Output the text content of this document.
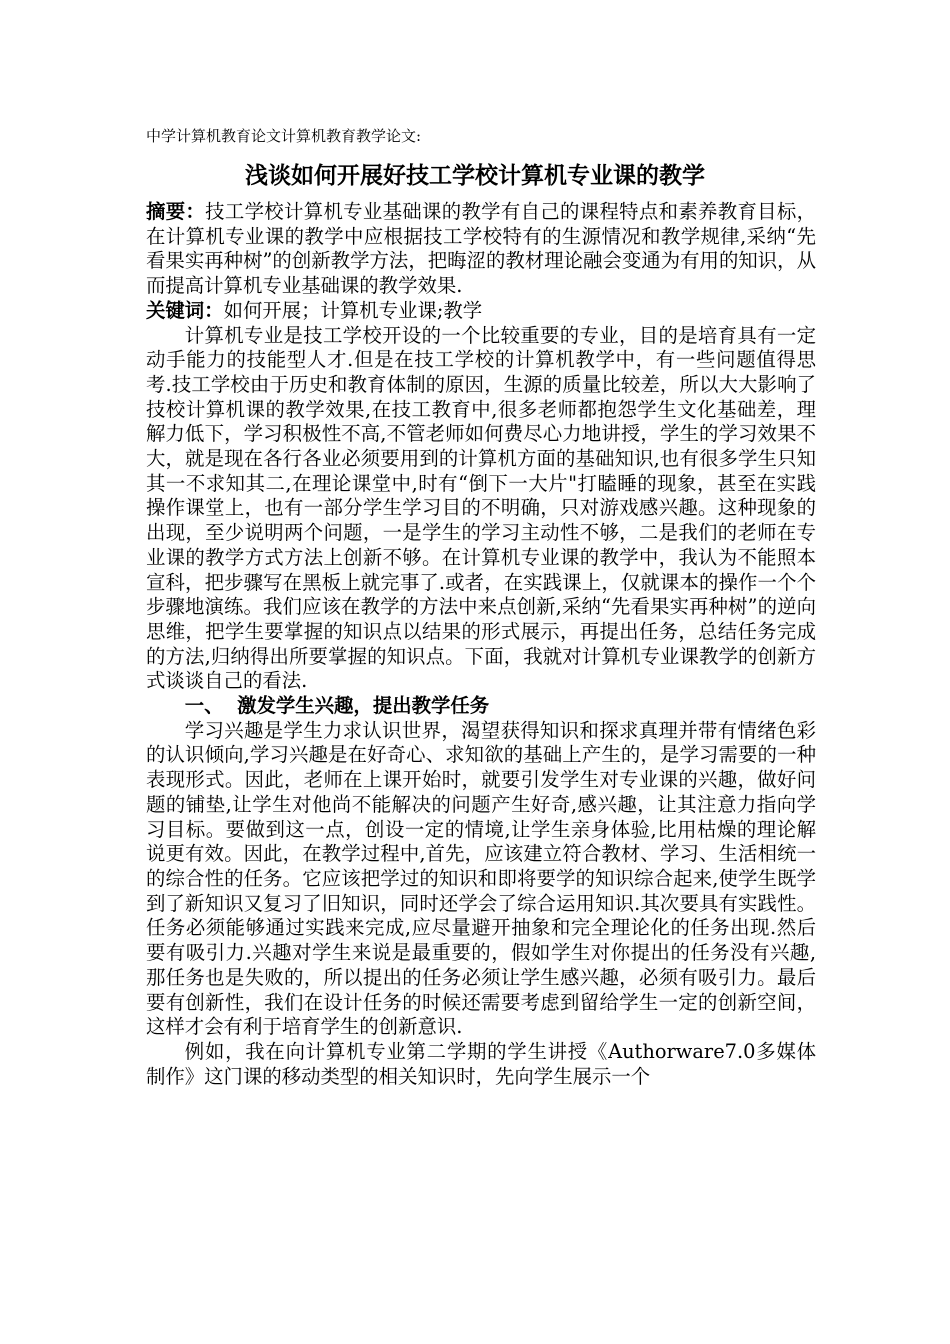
中学计算机教育论文计算机教育教学论文:
浅谈如何开展好技工学校计算机专业课的教学

摘要：技工学校计算机专业基础课的教学有自己的课程特点和素养教育目标，在计算机专业课的教学中应根据技工学校特有的生源情况和教学规律,采纳“先看果实再种树”的创新教学方法，把晦涩的教材理论融会变通为有用的知识，从而提高计算机专业基础课的教学效果.

关键词：如何开展；计算机专业课;教学

计算机专业是技工学校开设的一个比较重要的专业，目的是培育具有一定动手能力的技能型人才.但是在技工学校的计算机教学中，有一些问题值得思考.技工学校由于历史和教育体制的原因，生源的质量比较差，所以大大影响了技校计算机课的教学效果,在技工教育中,很多老师都抱怨学生文化基础差，理解力低下，学习积极性不高,不管老师如何费尽心力地讲授，学生的学习效果不大，就是现在各行各业必须要用到的计算机方面的基础知识,也有很多学生只知其一不求知其二,在理论课堂中,时有“倒下一大片"打瞌睡的现象，甚至在实践操作课堂上，也有一部分学生学习目的不明确，只对游戏感兴趣。这种现象的出现，至少说明两个问题，一是学生的学习主动性不够，二是我们的老师在专业课的教学方式方法上创新不够。在计算机专业课的教学中，我认为不能照本宣科，把步骤写在黑板上就完事了.或者，在实践课上，仅就课本的操作一个个步骤地演练。我们应该在教学的方法中来点创新,采纳“先看果实再种树”的逆向思维，把学生要掌握的知识点以结果的形式展示，再提出任务，总结任务完成的方法,归纳得出所要掌握的知识点。下面，我就对计算机专业课教学的创新方式谈谈自己的看法.

一、  激发学生兴趣，提出教学任务

学习兴趣是学生力求认识世界，渴望获得知识和探求真理并带有情绪色彩的认识倾向,学习兴趣是在好奇心、求知欲的基础上产生的，是学习需要的一种表现形式。因此，老师在上课开始时，就要引发学生对专业课的兴趣，做好问题的铺垫,让学生对他尚不能解决的问题产生好奇,感兴趣，让其注意力指向学习目标。要做到这一点，创设一定的情境,让学生亲身体验,比用枯燥的理论解说更有效。因此，在教学过程中,首先，应该建立符合教材、学习、生活相统一的综合性的任务。它应该把学过的知识和即将要学的知识综合起来,使学生既学到了新知识又复习了旧知识，同时还学会了综合运用知识.其次要具有实践性。任务必须能够通过实践来完成,应尽量避开抽象和完全理论化的任务出现.然后要有吸引力.兴趣对学生来说是最重要的，假如学生对你提出的任务没有兴趣,那任务也是失败的，所以提出的任务必须让学生感兴趣，必须有吸引力。最后要有创新性，我们在设计任务的时候还需要考虑到留给学生一定的创新空间，这样才会有利于培育学生的创新意识.

例如，我在向计算机专业第二学期的学生讲授《Authorware7.0多媒体制作》这门课的移动类型的相关知识时，先向学生展示一个
